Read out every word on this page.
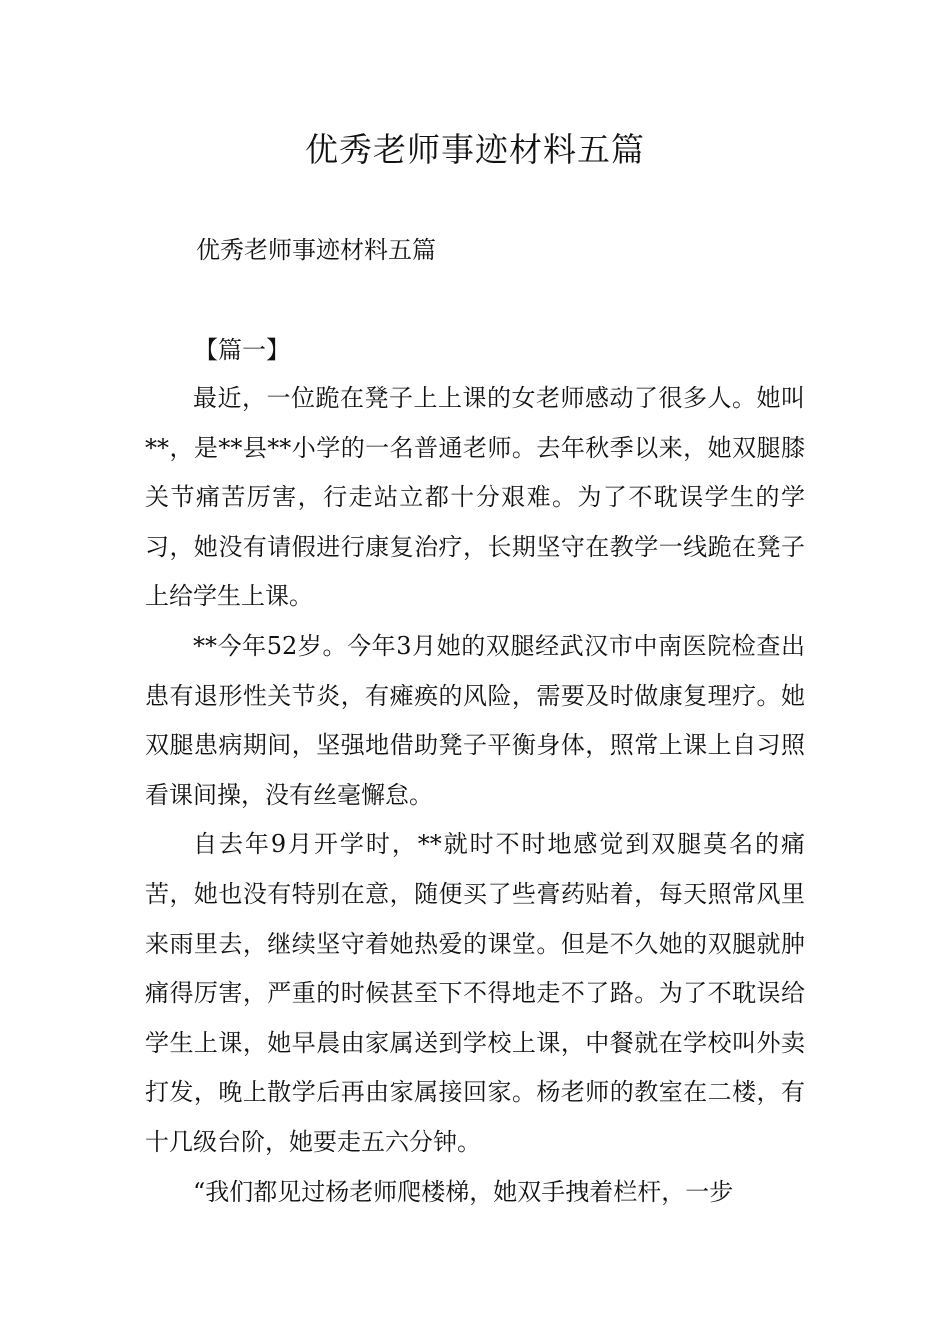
优秀老师事迹材料五篇
优秀老师事迹材料五篇
【篇一】

最近，一位跪在凳子上上课的女老师感动了很多人。她叫**，是**县**小学的一名普通老师。去年秋季以来，她双腿膝关节痛苦厉害，行走站立都十分艰难。为了不耽误学生的学习，她没有请假进行康复治疗，长期坚守在教学一线跪在凳子上给学生上课。

**今年52岁。今年3月她的双腿经武汉市中南医院检查出患有退形性关节炎，有瘫痪的风险，需要及时做康复理疗。她双腿患病期间，坚强地借助凳子平衡身体，照常上课上自习照看课间操，没有丝毫懈怠。

自去年9月开学时，**就时不时地感觉到双腿莫名的痛苦，她也没有特别在意，随便买了些膏药贴着，每天照常风里来雨里去，继续坚守着她热爱的课堂。但是不久她的双腿就肿痛得厉害，严重的时候甚至下不得地走不了路。为了不耽误给学生上课，她早晨由家属送到学校上课，中餐就在学校叫外卖打发，晚上散学后再由家属接回家。杨老师的教室在二楼，有十几级台阶，她要走五六分钟。

“我们都见过杨老师爬楼梯，她双手拽着栏杆，一步
